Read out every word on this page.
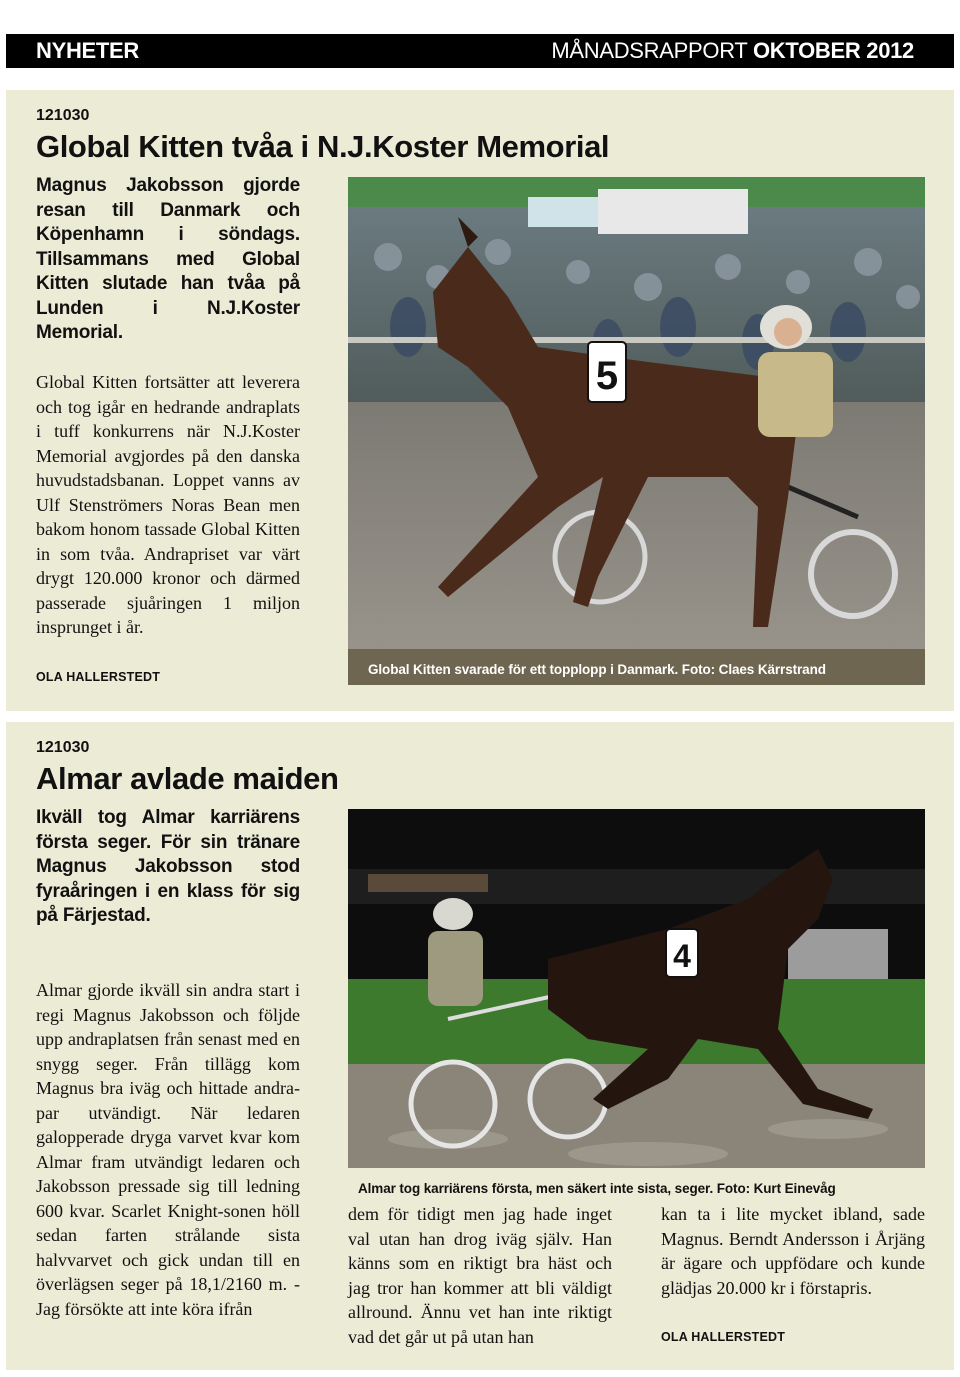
NYHETER	MÅNADSRAPPORT OKTOBER 2012
121030
Global Kitten tvåa i N.J.Koster Memorial
Magnus Jakobsson gjorde resan till Danmark och Köpenhamn i söndags. Tillsammans med Global Kitten slutade han tvåa på Lunden i N.J.Koster Memorial.
Global Kitten fortsätter att leverera och tog igår en hedrande andraplats i tuff konkurrens när N.J.Koster Memorial avgjordes på den danska huvudstadsbanan. Loppet vanns av Ulf Stenströmers Noras Bean men bakom honom tassade Global Kitten in som tvåa. Andrapriset var värt drygt 120.000 kronor och därmed passerade sjuåringen 1 miljon insprunget i år.
OLA HALLERSTEDT
5
Global Kitten svarade för ett topplopp i Danmark. Foto: Claes Kärrstrand
121030
Almar avlade maiden
Ikväll tog Almar karriärens första seger. För sin tränare Magnus Jakobsson stod fyraåringen i en klass för sig på Färjestad.
Almar gjorde ikväll sin andra start i regi Magnus Jakobsson och följde upp andraplatsen från senast med en snygg seger. Från tillägg kom Magnus bra iväg och hittade andra-par utvändigt. När ledaren galopperade dryga varvet kvar kom Almar fram utvändigt ledaren och Jakobsson pressade sig till ledning 600 kvar. Scarlet Knight-sonen höll sedan farten strålande sista halvvarvet och gick undan till en överlägsen seger på 18,1/2160 m. - Jag försökte att inte köra ifrån
4
Almar tog karriärens första, men säkert inte sista, seger. Foto: Kurt Einevåg
dem för tidigt men jag hade inget val utan han drog iväg själv. Han känns som en riktigt bra häst och jag tror han kommer att bli väldigt allround. Ännu vet han inte riktigt vad det går ut på utan han
kan ta i lite mycket ibland, sade Magnus. Berndt Andersson i Årjäng är ägare och uppfödare och kunde glädjas 20.000 kr i förstapris.
OLA HALLERSTEDT
